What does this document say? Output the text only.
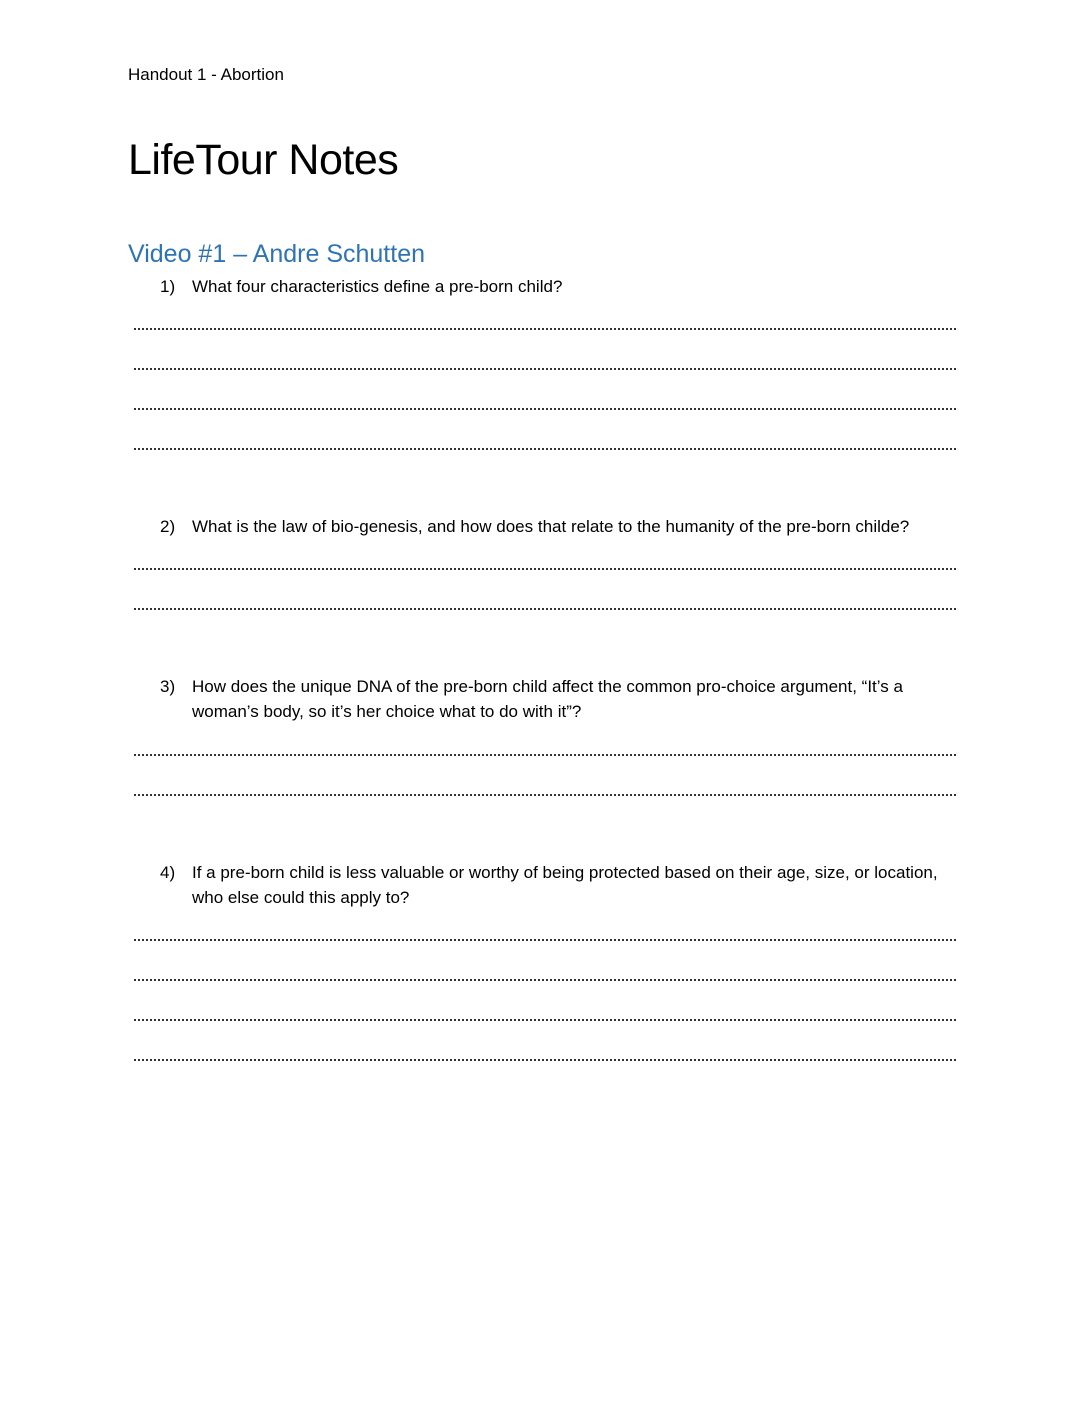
Handout 1 - Abortion
LifeTour Notes
Video #1 – Andre Schutten
1) What four characteristics define a pre-born child?
2) What is the law of bio-genesis, and how does that relate to the humanity of the pre-born childe?
3) How does the unique DNA of the pre-born child affect the common pro-choice argument, “It’s a woman’s body, so it’s her choice what to do with it”?
4) If a pre-born child is less valuable or worthy of being protected based on their age, size, or location, who else could this apply to?
